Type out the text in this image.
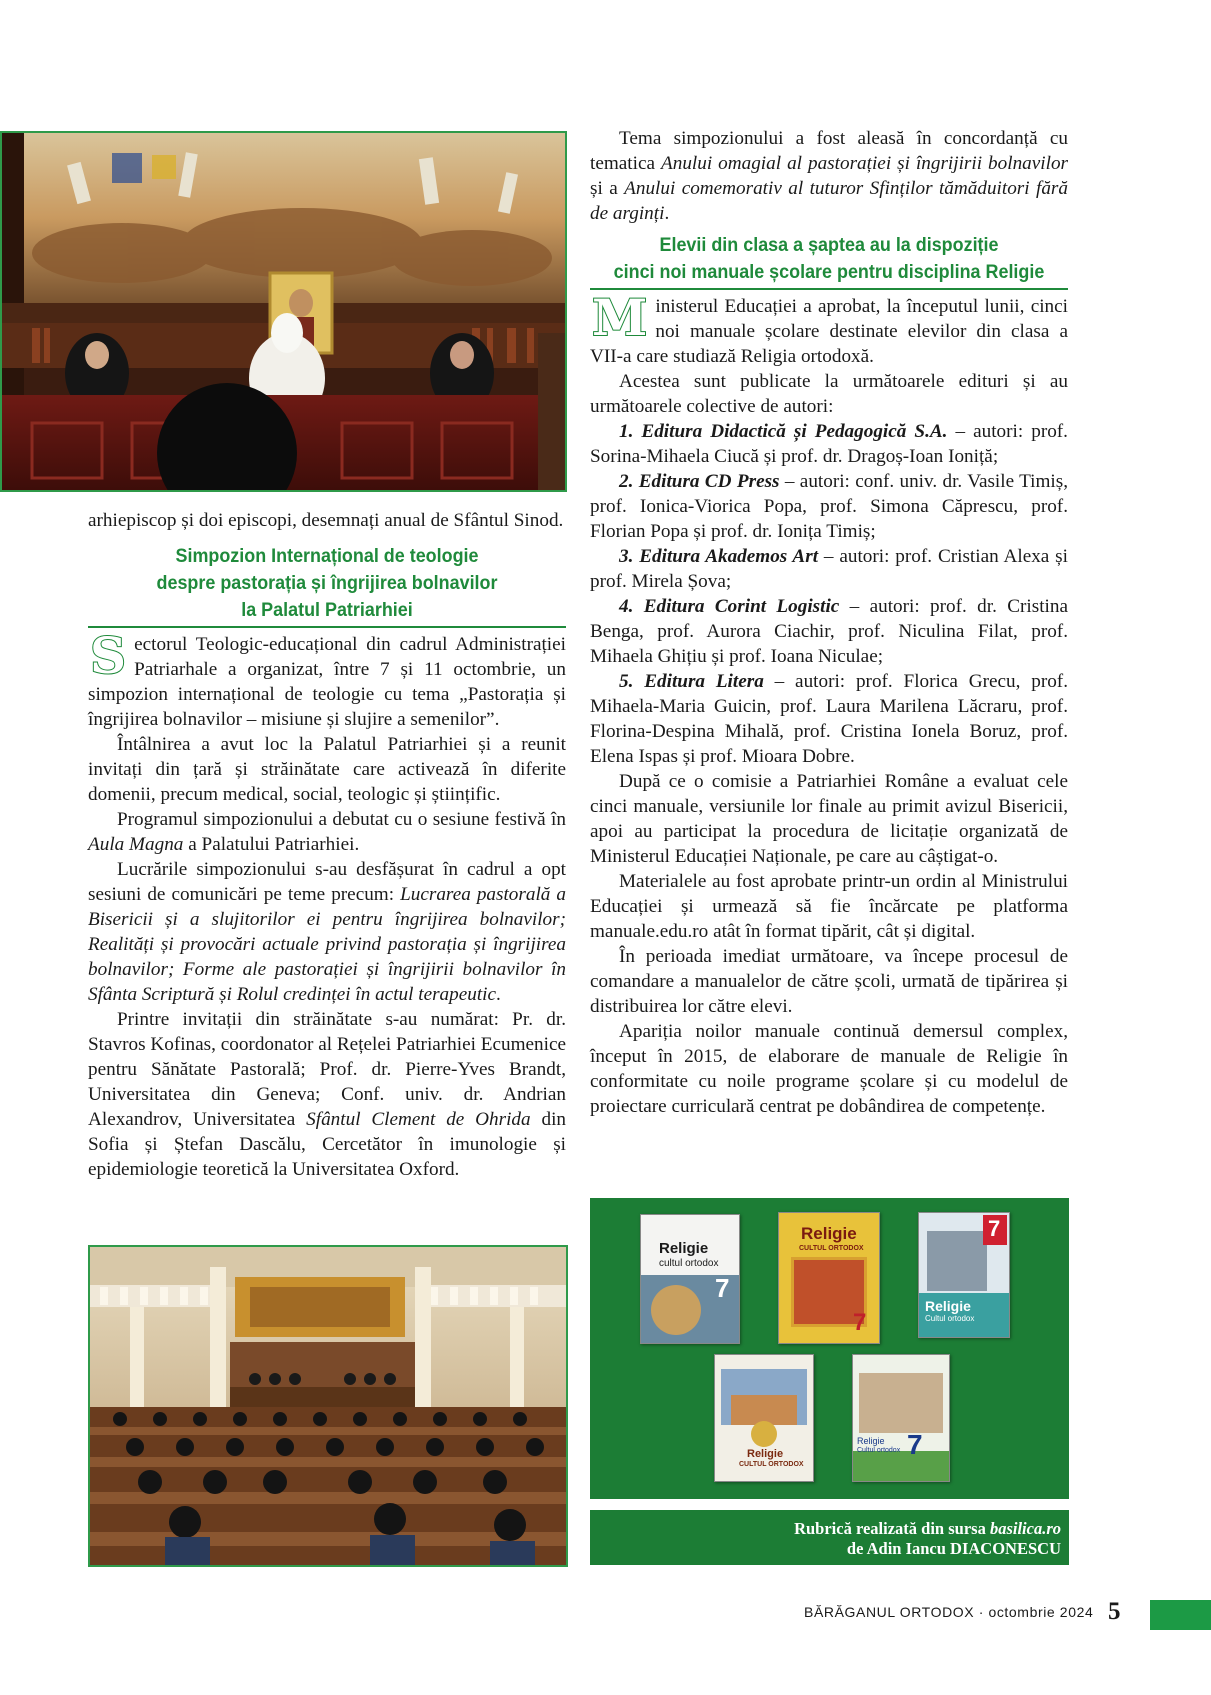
arhiepiscop și doi episcopi, desemnați anual de Sfântul Sinod.

Simpozion Internațional de teologie
despre pastorația și îngrijirea bolnavilor
la Palatul Patriarhiei

Sectorul Teologic-educațional din cadrul Administrației Patriarhale a organizat, între 7 și 11 octombrie, un simpozion internațional de teologie cu tema „Pastorația și îngrijirea bolnavilor – misiune și slujire a semenilor”.

Întâlnirea a avut loc la Palatul Patriarhiei și a reunit invitați din țară și străinătate care activează în diferite domenii, precum medical, social, teologic și științific.

Programul simpozionului a debutat cu o sesiune festivă în Aula Magna a Palatului Patriarhiei.

Lucrările simpozionului s-au desfășurat în cadrul a opt sesiuni de comunicări pe teme precum: Lucrarea pastorală a Bisericii și a slujitorilor ei pentru îngrijirea bolnavilor; Realități și provocări actuale privind pastorația și îngrijirea bolnavilor; Forme ale pastorației și îngrijirii bolnavilor în Sfânta Scriptură și Rolul credinței în actul terapeutic.

Printre invitații din străinătate s-au numărat: Pr. dr. Stavros Kofinas, coordonator al Rețelei Patriarhiei Ecumenice pentru Sănătate Pastorală; Prof. dr. Pierre-Yves Brandt, Universitatea din Geneva; Conf. univ. dr. Andrian Alexandrov, Universitatea Sfântul Clement de Ohrida din Sofia și Ștefan Dascălu, Cercetător în imunologie și epidemiologie teoretică la Universitatea Oxford.

Tema simpozionului a fost aleasă în concordanță cu tematica Anului omagial al pastorației și îngrijirii bolnavilor și a Anului comemorativ al tuturor Sfinților tămăduitori fără de arginți.

Elevii din clasa a șaptea au la dispoziție
cinci noi manuale școlare pentru disciplina Religie

Ministerul Educației a aprobat, la începutul lunii, cinci noi manuale școlare destinate elevilor din clasa a VII-a care studiază Religia ortodoxă.

Acestea sunt publicate la următoarele edituri și au următoarele colective de autori:

1. Editura Didactică și Pedagogică S.A. – autori: prof. Sorina-Mihaela Ciucă și prof. dr. Dragoș-Ioan Ioniță;

2. Editura CD Press – autori: conf. univ. dr. Vasile Timiș, prof. Ionica-Viorica Popa, prof. Simona Căprescu, prof. Florian Popa și prof. dr. Ionița Timiș;

3. Editura Akademos Art – autori: prof. Cristian Alexa și prof. Mirela Șova;

4. Editura Corint Logistic – autori: prof. dr. Cristina Benga, prof. Aurora Ciachir, prof. Niculina Filat, prof. Mihaela Ghițiu și prof. Ioana Niculae;

5. Editura Litera – autori: prof. Florica Grecu, prof. Mihaela-Maria Guicin, prof. Laura Marilena Lăcraru, prof. Florina-Despina Mihală, prof. Cristina Ionela Boruz, prof. Elena Ispas și prof. Mioara Dobre.

După ce o comisie a Patriarhiei Române a evaluat cele cinci manuale, versiunile lor finale au primit avizul Bisericii, apoi au participat la procedura de licitație organizată de Ministerul Educației Naționale, pe care au câștigat-o.

Materialele au fost aprobate printr-un ordin al Ministrului Educației și urmează să fie încărcate pe platforma manuale.edu.ro atât în format tipărit, cât și digital.

În perioada imediat următoare, va începe procesul de comandare a manualelor de către școli, urmată de tipărirea și distribuirea lor către elevi.

Apariția noilor manuale continuă demersul complex, început în 2015, de elaborare de manuale de Religie în conformitate cu noile programe școlare și cu modelul de proiectare curriculară centrat pe dobândirea de competențe.

Religie
cultul ortodox
7
Religie
CULTUL ORTODOX
7
Religie
Cultul ortodox
7
Religie
CULTUL ORTODOX
Religie
Cultul ortodox 7
Rubrică realizată din sursa basilica.ro
de Adin Iancu DIACONESCU
BĂRĂGANUL ORTODOX · octombrie 2024 5
